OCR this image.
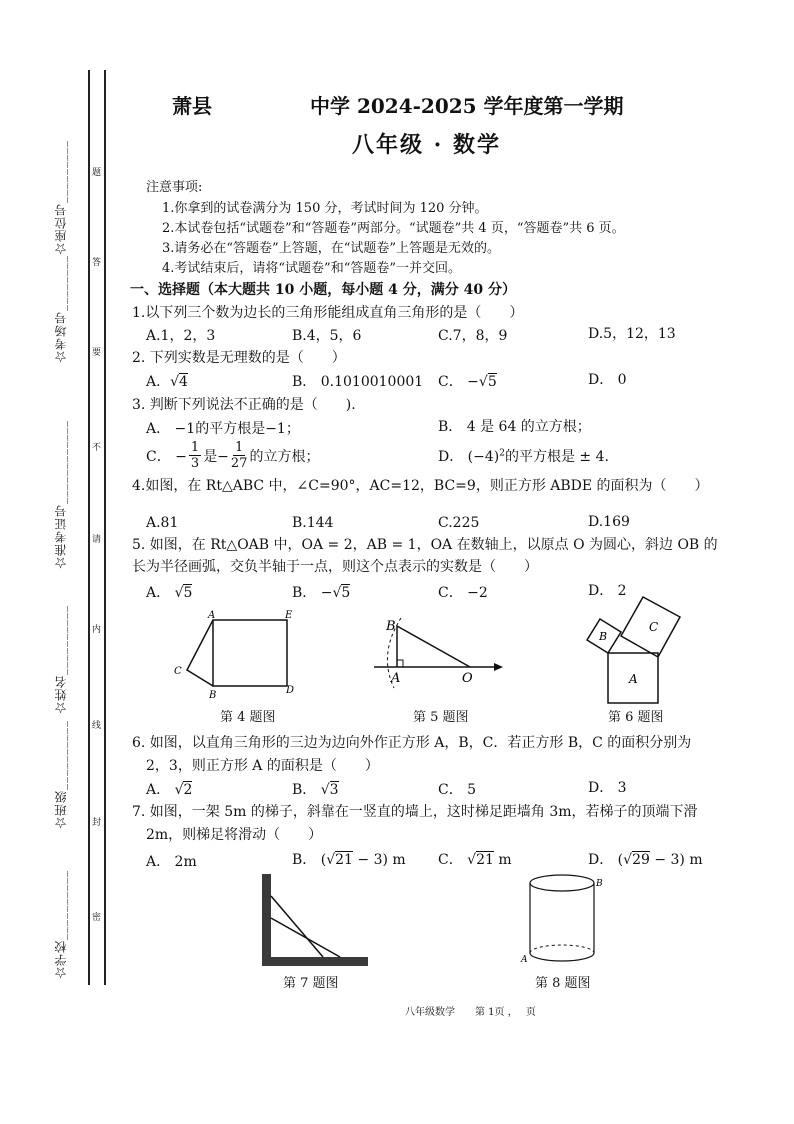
☆座位号_________
☆考场号________
☆准考证号____________
☆姓名__________
☆班级__________
☆学校__________
题
答
要
不
请
内
线
封
密
萧县	中学 2024-2025 学年度第一学期
八年级 · 数学
注意事项:
1.你拿到的试卷满分为 150 分，考试时间为 120 分钟。
2.本试卷包括“试题卷”和“答题卷”两部分。“试题卷”共 4 页，“答题卷”共 6 页。
3.请务必在“答题卷”上答题，在“试题卷”上答题是无效的。
4.考试结束后，请将“试题卷”和“答题卷”一并交回。
一、选择题（本大题共 10 小题，每小题 4 分，满分 40 分）
1.以下列三个数为边长的三角形能组成直角三角形的是（　　）
A.1，2，3	B.4，5，6	C.7，8，9	D.5，12，13
2. 下列实数是无理数的是（　　）
A．√4	B． 0.1010010001 C． −√5	D． 0
3. 判断下列说法不正确的是（　　).
A． −1的平方根是−1；	B． 4 是 64 的立方根；
C． − $\frac{1}{3}$ 是− $\frac{1}{27}$ 的立方根；	D． $(-4)^2$的平方根是 ± 4.
4.如图，在 Rt△ABC 中，∠C=90°，AC=12，BC=9，则正方形 ABDE 的面积为（　　）
A.81	B.144	C.225	D.169
5. 如图，在 Rt△OAB 中，OA = 2，AB = 1，OA 在数轴上，以原点 O 为圆心，斜边 OB 的
长为半径画弧，交负半轴于一点，则这个点表示的实数是（　　）
A． √5	B． −√5	C． −2	D． 2
A	E
C
B	D
第 4 题图
B
A	O
第 5 题图
B
C
A
第 6 题图
6. 如图，以直角三角形的三边为边向外作正方形 A，B，C．若正方形 B，C 的面积分别为
2，3，则正方形 A 的面积是（　　）
A． √2	B． √3	C． 5	D． 3
7. 如图，一架 5m 的梯子，斜靠在一竖直的墙上，这时梯足距墙角 3m，若梯子的顶端下滑
2m，则梯足将滑动（　　）
A． 2m	B． (√21 − 3) m C． √21 m	D． (√29 − 3) m
第 7 题图
B
A
第 8 题图
八年级数学　　第 1页 ，　 页
